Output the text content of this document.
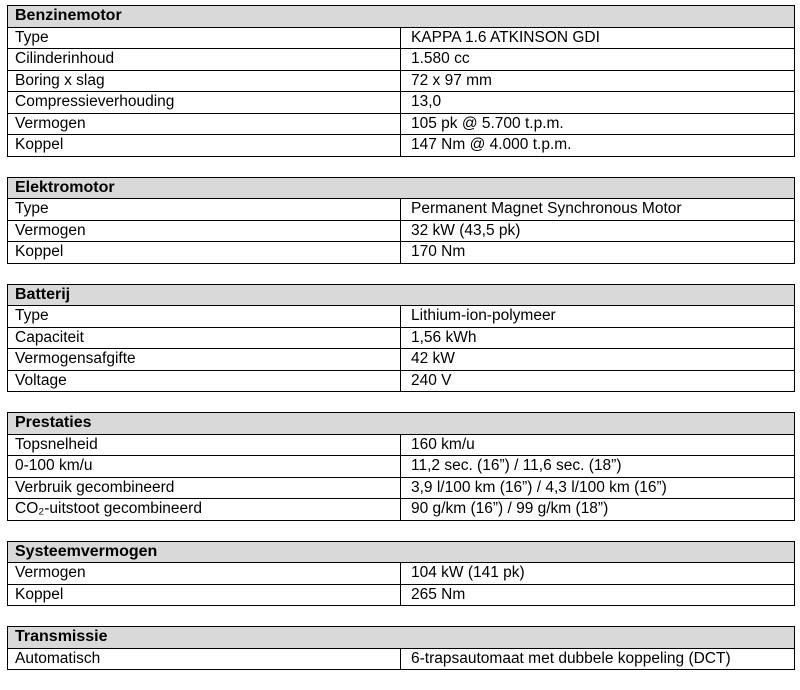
Benzinemotor	
Type	KAPPA 1.6 ATKINSON GDI
Cilinderinhoud	1.580 cc
Boring x slag	72 x 97 mm
Compressieverhouding	13,0
Vermogen	105 pk @ 5.700 t.p.m.
Koppel	147 Nm @ 4.000 t.p.m.
Elektromotor	
Type	Permanent Magnet Synchronous Motor
Vermogen	32 kW (43,5 pk)
Koppel	170 Nm
Batterij	
Type	Lithium-ion-polymeer
Capaciteit	1,56 kWh
Vermogensafgifte	42 kW
Voltage	240 V
Prestaties	
Topsnelheid	160 km/u
0-100 km/u	11,2 sec. (16”) / 11,6 sec. (18”)
Verbruik gecombineerd	3,9 l/100 km (16”) / 4,3 l/100 km (16”)
CO₂-uitstoot gecombineerd	90 g/km (16”) / 99 g/km (18”)
Systeemvermogen	
Vermogen	104 kW (141 pk)
Koppel	265 Nm
Transmissie
Automatisch	6-trapsautomaat met dubbele koppeling (DCT)
